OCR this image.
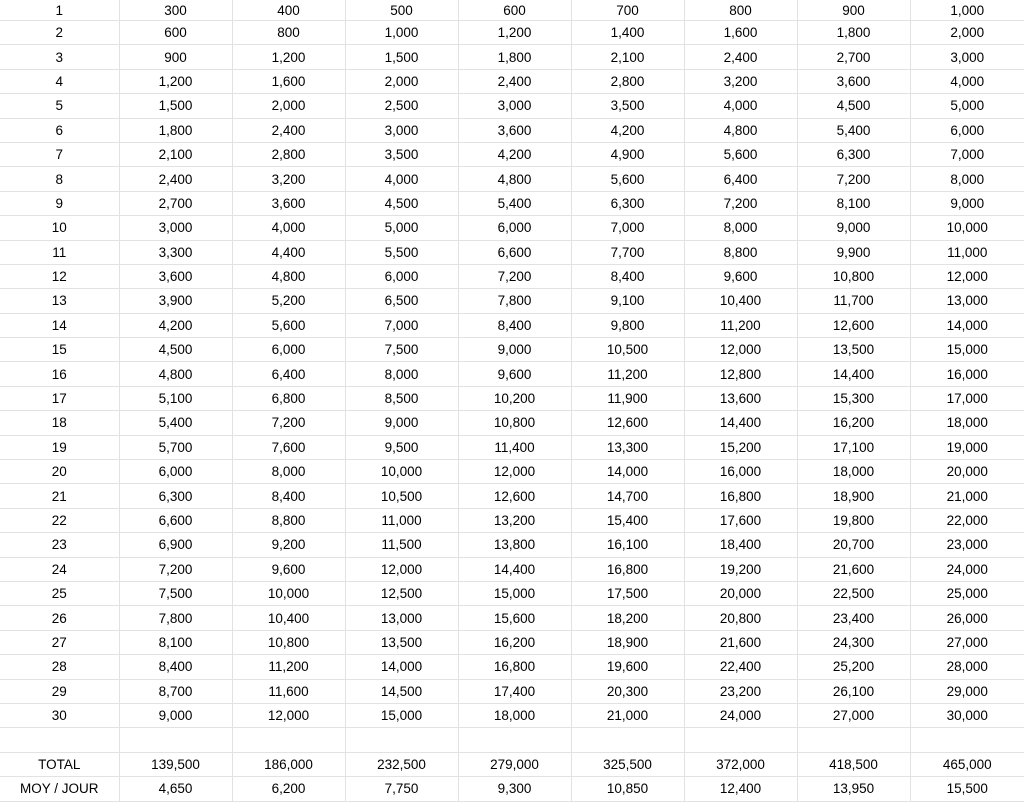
1	300	400	500	600	700	800	900	1,000
2	600	800	1,000	1,200	1,400	1,600	1,800	2,000
3	900	1,200	1,500	1,800	2,100	2,400	2,700	3,000
4	1,200	1,600	2,000	2,400	2,800	3,200	3,600	4,000
5	1,500	2,000	2,500	3,000	3,500	4,000	4,500	5,000
6	1,800	2,400	3,000	3,600	4,200	4,800	5,400	6,000
7	2,100	2,800	3,500	4,200	4,900	5,600	6,300	7,000
8	2,400	3,200	4,000	4,800	5,600	6,400	7,200	8,000
9	2,700	3,600	4,500	5,400	6,300	7,200	8,100	9,000
10	3,000	4,000	5,000	6,000	7,000	8,000	9,000	10,000
11	3,300	4,400	5,500	6,600	7,700	8,800	9,900	11,000
12	3,600	4,800	6,000	7,200	8,400	9,600	10,800	12,000
13	3,900	5,200	6,500	7,800	9,100	10,400	11,700	13,000
14	4,200	5,600	7,000	8,400	9,800	11,200	12,600	14,000
15	4,500	6,000	7,500	9,000	10,500	12,000	13,500	15,000
16	4,800	6,400	8,000	9,600	11,200	12,800	14,400	16,000
17	5,100	6,800	8,500	10,200	11,900	13,600	15,300	17,000
18	5,400	7,200	9,000	10,800	12,600	14,400	16,200	18,000
19	5,700	7,600	9,500	11,400	13,300	15,200	17,100	19,000
20	6,000	8,000	10,000	12,000	14,000	16,000	18,000	20,000
21	6,300	8,400	10,500	12,600	14,700	16,800	18,900	21,000
22	6,600	8,800	11,000	13,200	15,400	17,600	19,800	22,000
23	6,900	9,200	11,500	13,800	16,100	18,400	20,700	23,000
24	7,200	9,600	12,000	14,400	16,800	19,200	21,600	24,000
25	7,500	10,000	12,500	15,000	17,500	20,000	22,500	25,000
26	7,800	10,400	13,000	15,600	18,200	20,800	23,400	26,000
27	8,100	10,800	13,500	16,200	18,900	21,600	24,300	27,000
28	8,400	11,200	14,000	16,800	19,600	22,400	25,200	28,000
29	8,700	11,600	14,500	17,400	20,300	23,200	26,100	29,000
30	9,000	12,000	15,000	18,000	21,000	24,000	27,000	30,000

TOTAL	139,500	186,000	232,500	279,000	325,500	372,000	418,500	465,000
MOY / JOUR	4,650	6,200	7,750	9,300	10,850	12,400	13,950	15,500
